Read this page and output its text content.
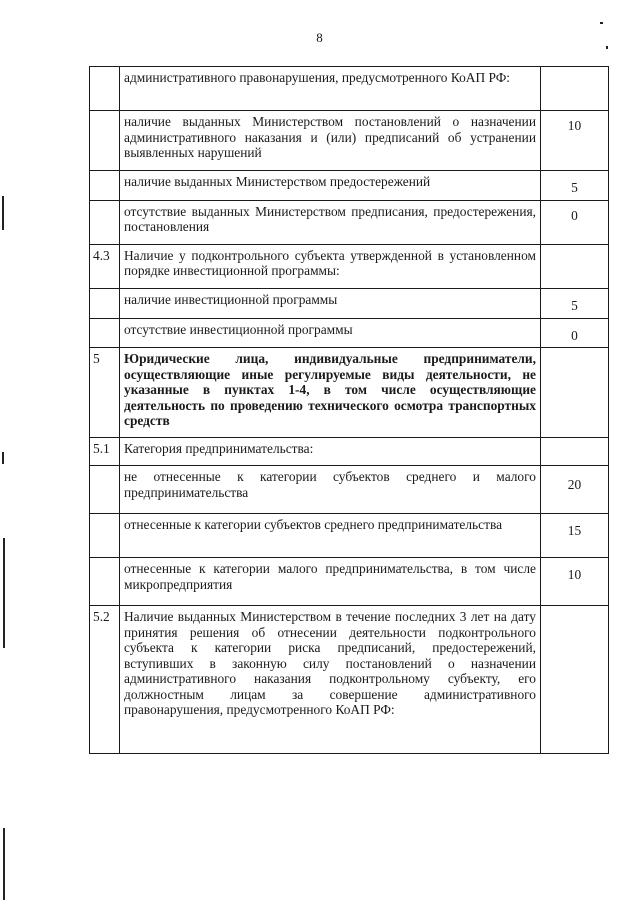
8
	административного правонарушения, предусмотренного КоАП РФ:	
	наличие выданных Министерством постановлений о назначении административного наказания и (или) предписаний об устранении выявленных нарушений	10
	наличие выданных Министерством предостережений	5
	отсутствие выданных Министерством предписания, предостережения, постановления	0
4.3	Наличие у подконтрольного субъекта утвержденной в установленном порядке инвестиционной программы:	
	наличие инвестиционной программы	5
	отсутствие инвестиционной программы	0
5	Юридические лица, индивидуальные предприниматели, осуществляющие иные регулируемые виды деятельности, не указанные в пунктах 1-4, в том числе осуществляющие деятельность по проведению технического осмотра транспортных средств	
5.1	Категория предпринимательства:	
	не отнесенные к категории субъектов среднего и малого предпринимательства	20
	отнесенные к категории субъектов среднего предпринимательства	15
	отнесенные к категории малого предпринимательства, в том числе микропредприятия	10
5.2	Наличие выданных Министерством в течение последних 3 лет на дату принятия решения об отнесении деятельности подконтрольного субъекта к категории риска предписаний, предостережений, вступивших в законную силу постановлений о назначении административного наказания подконтрольному субъекту, его должностным лицам за совершение административного правонарушения, предусмотренного КоАП РФ:	
